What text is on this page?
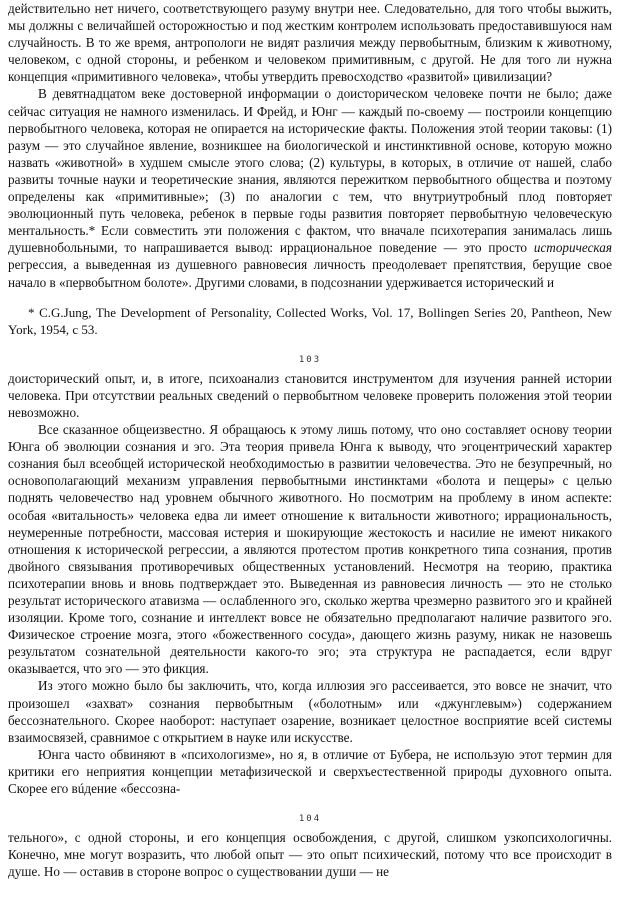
действительно нет ничего, соответствующего разуму внутри нее. Следовательно, для того чтобы выжить, мы должны с величайшей осторожностью и под жестким контролем использовать предоставившуюся нам случайность. В то же время, антропологи не видят различия между первобытным, близким к животному, человеком, с одной стороны, и ребенком и человеком примитивным, с другой. Не для того ли нужна концепция «примитивного человека», чтобы утвердить превосходство «развитой» цивилизации?

В девятнадцатом веке достоверной информации о доисторическом человеке почти не было; даже сейчас ситуация не намного изменилась. И Фрейд, и Юнг — каждый по-своему — построили концепцию первобытного человека, которая не опирается на исторические факты. Положения этой теории таковы: (1) разум — это случайное явление, возникшее на биологической и инстинктивной основе, которую можно назвать «животной» в худшем смысле этого слова; (2) культуры, в которых, в отличие от нашей, слабо развиты точные науки и теоретические знания, являются пережитком первобытного общества и поэтому определены как «примитивные»; (3) по аналогии с тем, что внутриутробный плод повторяет эволюционный путь человека, ребенок в первые годы развития повторяет первобытную человеческую ментальность.* Если совместить эти положения с фактом, что вначале психотерапия занималась лишь душевнобольными, то напрашивается вывод: иррациональное поведение — это просто историческая регрессия, а выведенная из душевного равновесия личность преодолевает препятствия, берущие свое начало в «первобытном болоте». Другими словами, в подсознании удерживается исторический и

* C.G.Jung, The Development of Personality, Collected Works, Vol. 17, Bollingen Series 20, Pantheon, New York, 1954, c 53.

103

доисторический опыт, и, в итоге, психоанализ становится инструментом для изучения ранней истории человека. При отсутствии реальных сведений о первобытном человеке проверить положения этой теории невозможно.

Все сказанное общеизвестно. Я обращаюсь к этому лишь потому, что оно составляет основу теории Юнга об эволюции сознания и эго. Эта теория привела Юнга к выводу, что эгоцентрический характер сознания был всеобщей исторической необходимостью в развитии человечества. Это не безупречный, но основополагающий механизм управления первобытными инстинктами «болота и пещеры» с целью поднять человечество над уровнем обычного животного. Но посмотрим на проблему в ином аспекте: особая «витальность» человека едва ли имеет отношение к витальности животного; иррациональность, неумеренные потребности, массовая истерия и шокирующие жестокость и насилие не имеют никакого отношения к исторической регрессии, а являются протестом против конкретного типа сознания, против двойного связывания противоречивых общественных установлений. Несмотря на теорию, практика психотерапии вновь и вновь подтверждает это. Выведенная из равновесия личность — это не столько результат исторического атавизма — ослабленного эго, сколько жертва чрезмерно развитого эго и крайней изоляции. Кроме того, сознание и интеллект вовсе не обязательно предполагают наличие развитого эго. Физическое строение мозга, этого «божественного сосуда», дающего жизнь разуму, никак не назовешь результатом сознательной деятельности какого-то эго; эта структура не распадается, если вдруг оказывается, что эго — это фикция.

Из этого можно было бы заключить, что, когда иллюзия эго рассеивается, это вовсе не значит, что произошел «захват» сознания первобытным («болотным» или «джунглевым») содержанием бессознательного. Скорее наоборот: наступает озарение, возникает целостное восприятие всей системы взаимосвязей, сравнимое с открытием в науке или искусстве.

Юнга часто обвиняют в «психологизме», но я, в отличие от Бубера, не использую этот термин для критики его неприятия концепции метафизической и сверхъестественной природы духовного опыта. Скорее его вúдение «бессозна-

104

тельного», с одной стороны, и его концепция освобождения, с другой, слишком узкопсихологичны. Конечно, мне могут возразить, что любой опыт — это опыт психический, потому что все происходит в душе. Но — оставив в стороне вопрос о существовании души — не
